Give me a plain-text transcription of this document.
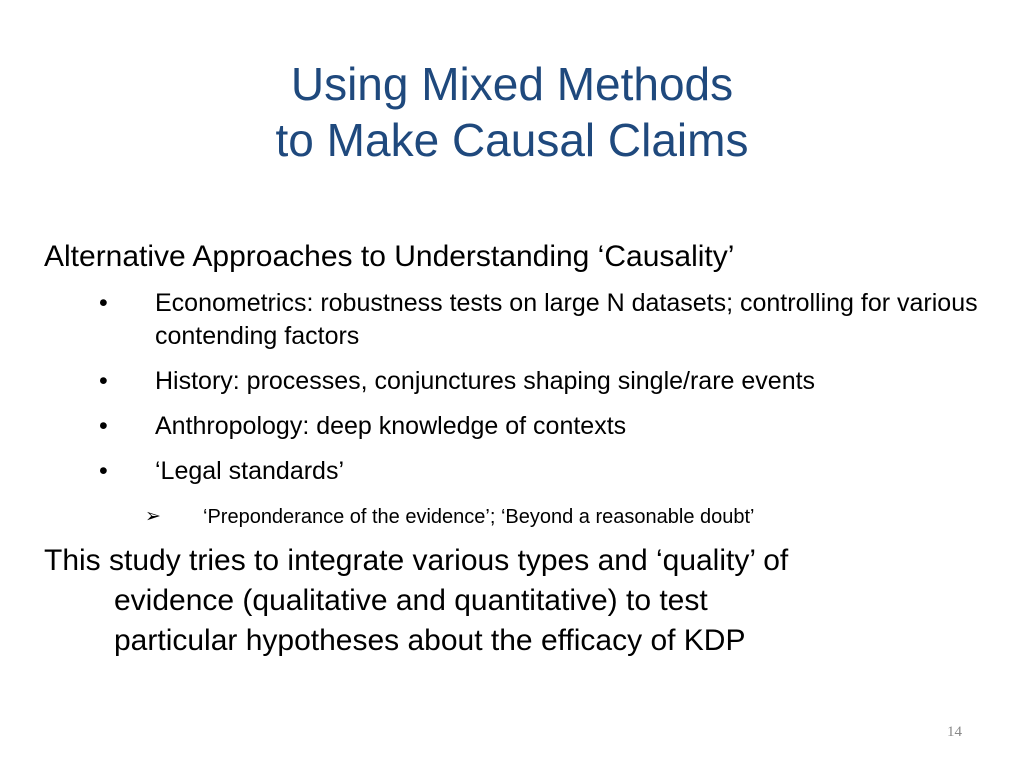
Using Mixed Methods
to Make Causal Claims
Alternative Approaches to Understanding ‘Causality’
• Econometrics: robustness tests on large N datasets; controlling for various contending factors
• History: processes, conjunctures shaping single/rare events
• Anthropology: deep knowledge of contexts
• ‘Legal standards’
➢ ‘Preponderance of the evidence’; ‘Beyond a reasonable doubt’
This study tries to integrate various types and ‘quality’ of
evidence (qualitative and quantitative) to test
particular hypotheses about the efficacy of KDP
14
